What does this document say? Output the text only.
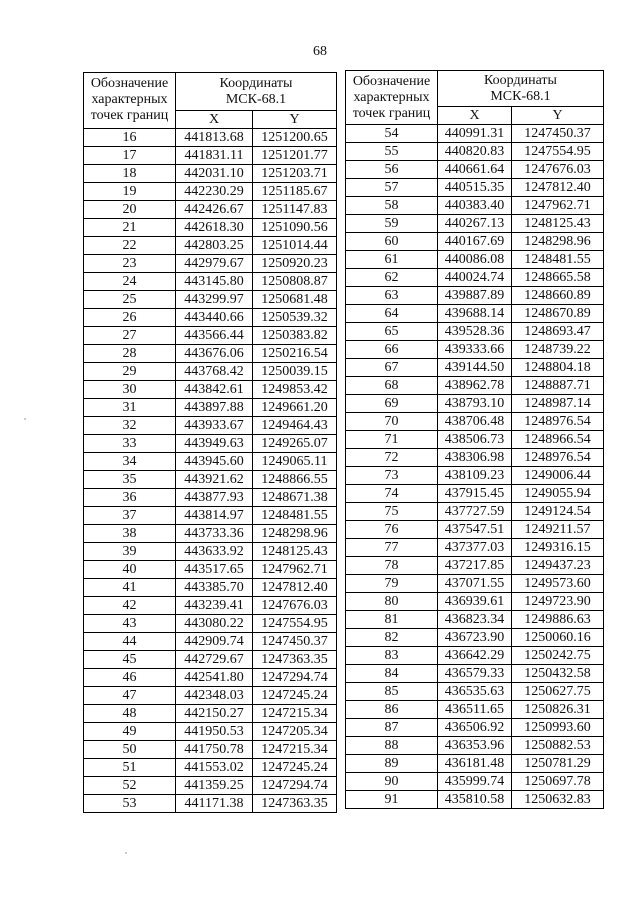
68
Обозначение характерных точек границ	Координаты
МСК-68.1	
	X	Y
16	441813.68	1251200.65
17	441831.11	1251201.77
18	442031.10	1251203.71
19	442230.29	1251185.67
20	442426.67	1251147.83
21	442618.30	1251090.56
22	442803.25	1251014.44
23	442979.67	1250920.23
24	443145.80	1250808.87
25	443299.97	1250681.48
26	443440.66	1250539.32
27	443566.44	1250383.82
28	443676.06	1250216.54
29	443768.42	1250039.15
30	443842.61	1249853.42
31	443897.88	1249661.20
32	443933.67	1249464.43
33	443949.63	1249265.07
34	443945.60	1249065.11
35	443921.62	1248866.55
36	443877.93	1248671.38
37	443814.97	1248481.55
38	443733.36	1248298.96
39	443633.92	1248125.43
40	443517.65	1247962.71
41	443385.70	1247812.40
42	443239.41	1247676.03
43	443080.22	1247554.95
44	442909.74	1247450.37
45	442729.67	1247363.35
46	442541.80	1247294.74
47	442348.03	1247245.24
48	442150.27	1247215.34
49	441950.53	1247205.34
50	441750.78	1247215.34
51	441553.02	1247245.24
52	441359.25	1247294.74
53	441171.38	1247363.35
Обозначение характерных точек границ	Координаты
МСК-68.1	
	X	Y
54	440991.31	1247450.37
55	440820.83	1247554.95
56	440661.64	1247676.03
57	440515.35	1247812.40
58	440383.40	1247962.71
59	440267.13	1248125.43
60	440167.69	1248298.96
61	440086.08	1248481.55
62	440024.74	1248665.58
63	439887.89	1248660.89
64	439688.14	1248670.89
65	439528.36	1248693.47
66	439333.66	1248739.22
67	439144.50	1248804.18
68	438962.78	1248887.71
69	438793.10	1248987.14
70	438706.48	1248976.54
71	438506.73	1248966.54
72	438306.98	1248976.54
73	438109.23	1249006.44
74	437915.45	1249055.94
75	437727.59	1249124.54
76	437547.51	1249211.57
77	437377.03	1249316.15
78	437217.85	1249437.23
79	437071.55	1249573.60
80	436939.61	1249723.90
81	436823.34	1249886.63
82	436723.90	1250060.16
83	436642.29	1250242.75
84	436579.33	1250432.58
85	436535.63	1250627.75
86	436511.65	1250826.31
87	436506.92	1250993.60
88	436353.96	1250882.53
89	436181.48	1250781.29
90	435999.74	1250697.78
91	435810.58	1250632.83
